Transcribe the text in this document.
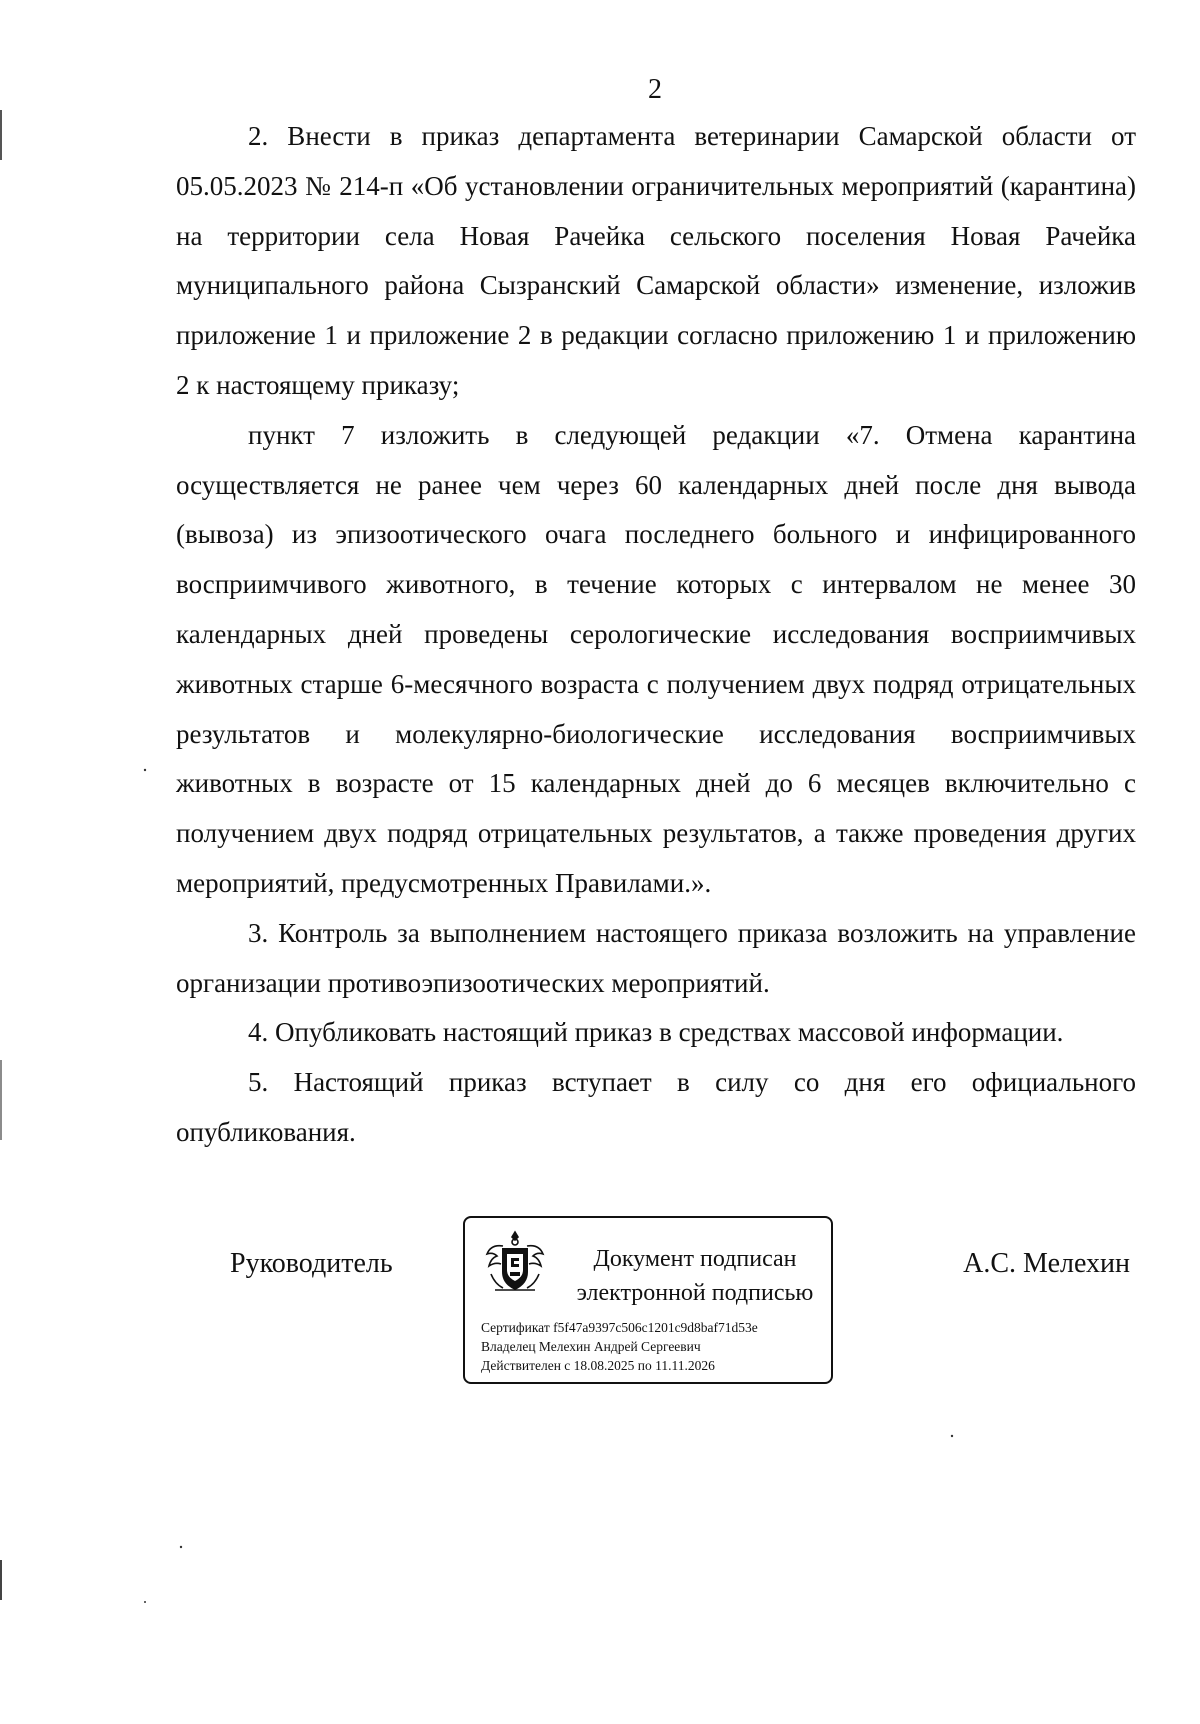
2

2. Внести в приказ департамента ветеринарии Самарской области от 05.05.2023 № 214-п «Об установлении ограничительных мероприятий (карантина) на территории села Новая Рачейка сельского поселения Новая Рачейка муниципального района Сызранский Самарской области» изменение, изложив приложение 1 и приложение 2 в редакции согласно приложению 1 и приложению 2 к настоящему приказу;

пункт 7 изложить в следующей редакции «7. Отмена карантина осуществляется не ранее чем через 60 календарных дней после дня вывода (вывоза) из эпизоотического очага последнего больного и инфицированного восприимчивого животного, в течение которых с интервалом не менее 30 календарных дней проведены серологические исследования восприимчивых животных старше 6-месячного возраста с получением двух подряд отрицательных результатов и молекулярно-биологические исследования восприимчивых животных в возрасте от 15 календарных дней до 6 месяцев включительно с получением двух подряд отрицательных результатов, а также проведения других мероприятий, предусмотренных Правилами.».

3. Контроль за выполнением настоящего приказа возложить на управление организации противоэпизоотических мероприятий.

4. Опубликовать настоящий приказ в средствах массовой информации.

5. Настоящий приказ вступает в силу со дня его официального опубликования.

Руководитель	Документ подписан
электронной подписью
Сертификат f5f47a9397c506c1201c9d8baf71d53e
Владелец Мелехин Андрей Сергеевич
Действителен с 18.08.2025 по 11.11.2026
А.С. Мелехин
